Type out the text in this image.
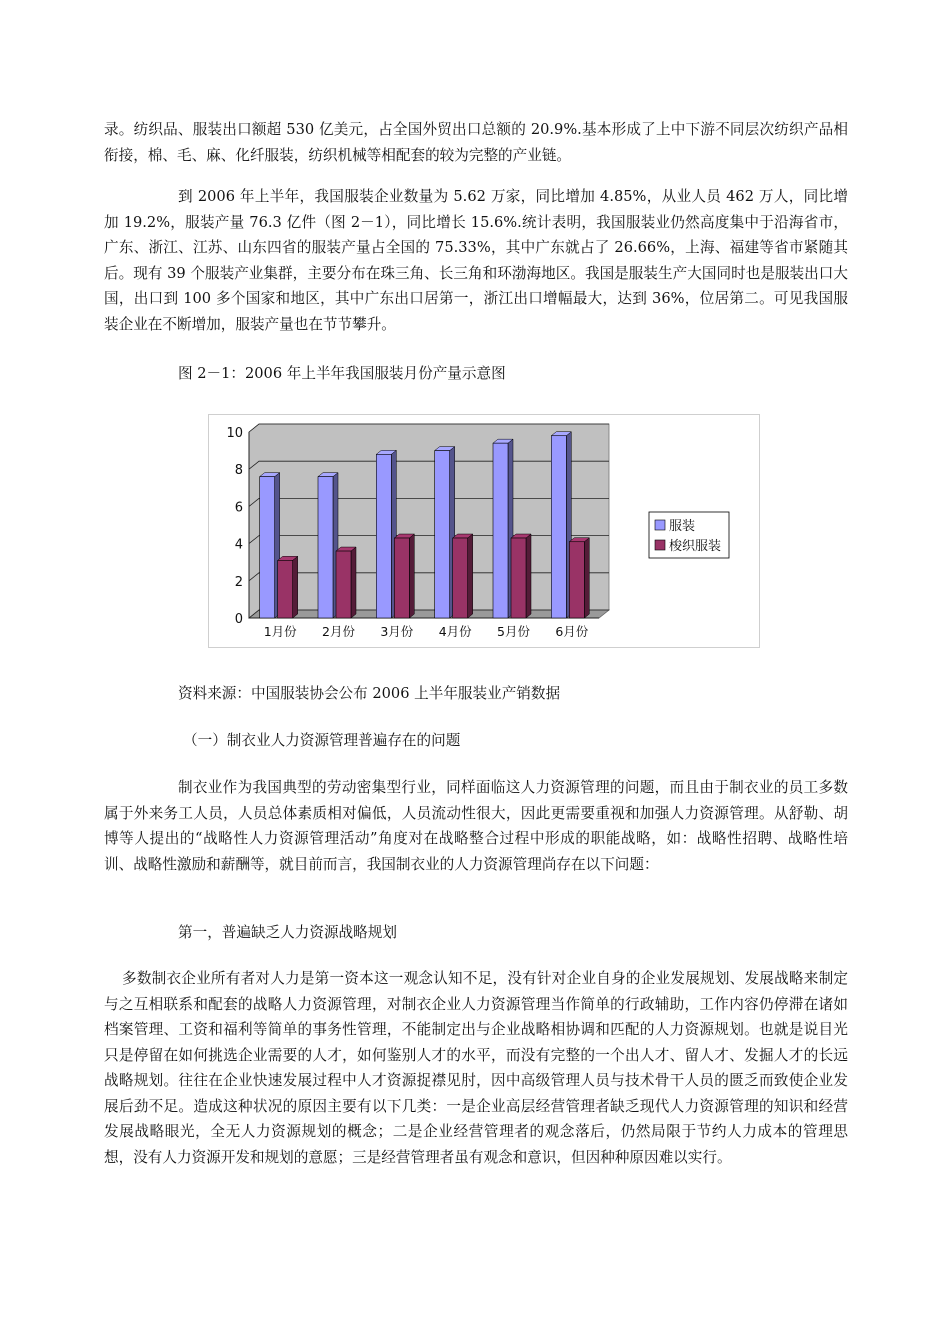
录。纺织品、服装出口额超 530 亿美元，占全国外贸出口总额的 20.9%.基本形成了上中下游不同层次纺织产品相衔接，棉、毛、麻、化纤服装，纺织机械等相配套的较为完整的产业链。

到 2006 年上半年，我国服装企业数量为 5.62 万家，同比增加 4.85%，从业人员 462 万人，同比增加 19.2%，服装产量 76.3 亿件（图 2－1），同比增长 15.6%.统计表明，我国服装业仍然高度集中于沿海省市，广东、浙江、江苏、山东四省的服装产量占全国的 75.33%，其中广东就占了 26.66%，上海、福建等省市紧随其后。现有 39 个服装产业集群，主要分布在珠三角、长三角和环渤海地区。我国是服装生产大国同时也是服装出口大国，出口到 100 多个国家和地区，其中广东出口居第一，浙江出口增幅最大，达到 36%，位居第二。可见我国服装企业在不断增加，服装产量也在节节攀升。

图 2－1：2006 年上半年我国服装月份产量示意图

0
2
4
6
8
10
1月份 2月份 3月份 4月份 5月份 6月份
服装
梭织服装

资料来源：中国服装协会公布 2006 上半年服装业产销数据

（一）制衣业人力资源管理普遍存在的问题

制衣业作为我国典型的劳动密集型行业，同样面临这人力资源管理的问题，而且由于制衣业的员工多数属于外来务工人员，人员总体素质相对偏低，人员流动性很大，因此更需要重视和加强人力资源管理。从舒勒、胡博等人提出的“战略性人力资源管理活动”角度对在战略整合过程中形成的职能战略，如：战略性招聘、战略性培训、战略性激励和薪酬等，就目前而言，我国制衣业的人力资源管理尚存在以下问题：

第一，普遍缺乏人力资源战略规划

多数制衣企业所有者对人力是第一资本这一观念认知不足，没有针对企业自身的企业发展规划、发展战略来制定与之互相联系和配套的战略人力资源管理，对制衣企业人力资源管理当作简单的行政辅助，工作内容仍停滞在诸如档案管理、工资和福利等简单的事务性管理，不能制定出与企业战略相协调和匹配的人力资源规划。也就是说目光只是停留在如何挑选企业需要的人才，如何鉴别人才的水平，而没有完整的一个出人才、留人才、发掘人才的长远战略规划。往往在企业快速发展过程中人才资源捉襟见肘，因中高级管理人员与技术骨干人员的匮乏而致使企业发展后劲不足。造成这种状况的原因主要有以下几类：一是企业高层经营管理者缺乏现代人力资源管理的知识和经营发展战略眼光，全无人力资源规划的概念；二是企业经营管理者的观念落后，仍然局限于节约人力成本的管理思想，没有人力资源开发和规划的意愿；三是经营管理者虽有观念和意识，但因种种原因难以实行。
